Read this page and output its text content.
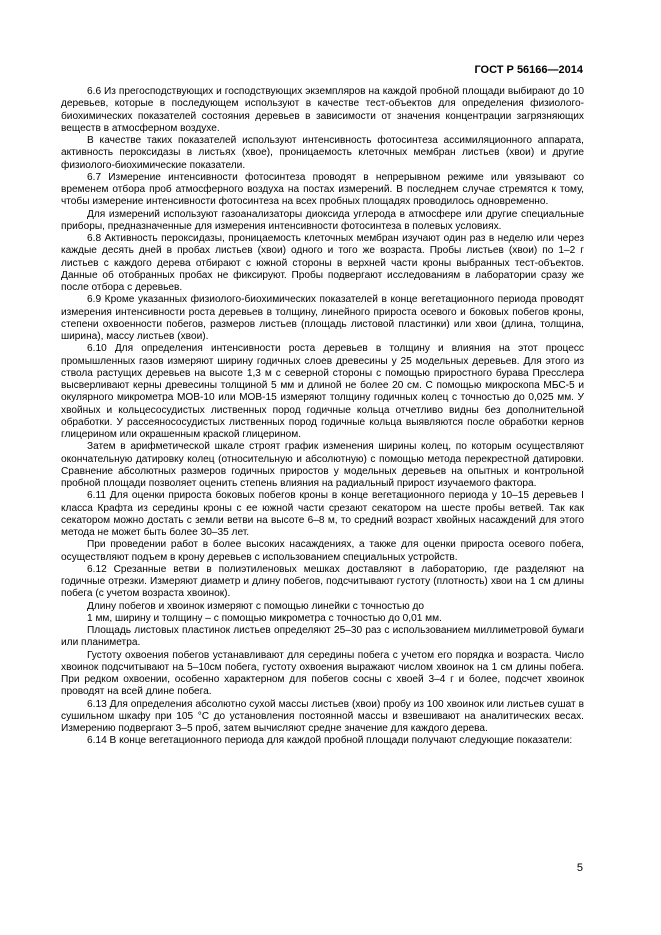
ГОСТ Р 56166—2014

6.6 Из прегосподствующих и господствующих экземпляров на каждой пробной площади выбирают до 10 деревьев, которые в последующем используют в качестве тест-объектов для определения физиолого- биохимических показателей состояния деревьев в зависимости от значения концентрации загрязняющих веществ в атмосферном воздухе.

В качестве таких показателей используют интенсивность фотосинтеза ассимиляционного аппарата, активность пероксидазы в листьях (хвое), проницаемость клеточных мембран листьев (хвои) и другие физиолого-биохимические показатели.

6.7 Измерение интенсивности фотосинтеза проводят в непрерывном режиме или увязывают со временем отбора проб атмосферного воздуха на постах измерений. В последнем случае стремятся к тому, чтобы измерение интенсивности фотосинтеза на всех пробных площадях проводилось одновременно.

Для измерений используют газоанализаторы диоксида углерода в атмосфере или другие специальные приборы, предназначенные для измерения интенсивности фотосинтеза в полевых условиях.

6.8 Активность пероксидазы, проницаемость клеточных мембран изучают один раз в неделю или через каждые десять дней в пробах листьев (хвои) одного и того же возраста. Пробы листьев (хвои) по 1–2 г листьев с каждого дерева отбирают с южной стороны в верхней части кроны выбранных тест-объектов. Данные об отобранных пробах не фиксируют. Пробы подвергают исследованиям в лаборатории сразу же после отбора с деревьев.

6.9 Кроме указанных физиолого-биохимических показателей в конце вегетационного периода проводят измерения интенсивности роста деревьев в толщину, линейного прироста осевого и боковых побегов кроны, степени охвоенности побегов, размеров листьев (площадь листовой пластинки) или хвои (длина, толщина, ширина), массу листьев (хвои).

6.10 Для определения интенсивности роста деревьев в толщину и влияния на этот процесс промышленных газов измеряют ширину годичных слоев древесины у 25 модельных деревьев. Для этого из ствола растущих деревьев на высоте 1,3 м с северной стороны с помощью приростного бурава Пресслера высверливают керны древесины толщиной 5 мм и длиной не более 20 см. С помощью микроскопа МБС-5 и окулярного микрометра МОВ-10 или МОВ-15 измеряют толщину годичных колец с точностью до 0,025 мм. У хвойных и кольцесосудистых лиственных пород годичные кольца отчетливо видны без дополнительной обработки. У рассеянососудистых лиственных пород годичные кольца выявляются после обработки кернов глицерином или окрашенным краской глицерином.

Затем в арифметической шкале строят график изменения ширины колец, по которым осуществляют окончательную датировку колец (относительную и абсолютную) с помощью метода перекрестной датировки. Сравнение абсолютных размеров годичных приростов у модельных деревьев на опытных и контрольной пробной площади позволяет оценить степень влияния на радиальный прирост изучаемого фактора.

6.11 Для оценки прироста боковых побегов кроны в конце вегетационного периода у 10–15 деревьев I класса Крафта из середины кроны с ее южной части срезают секатором на шесте пробы ветвей. Так как секатором можно достать с земли ветви на высоте 6–8 м, то средний возраст хвойных насаждений для этого метода не может быть более 30–35 лет.

При проведении работ в более высоких насаждениях, а также для оценки прироста осевого побега, осуществляют подъем в крону деревьев с использованием специальных устройств.

6.12 Срезанные ветви в полиэтиленовых мешках доставляют в лабораторию, где разделяют на годичные отрезки. Измеряют диаметр и длину побегов, подсчитывают густоту (плотность) хвои на 1 см длины побега (с учетом возраста хвоинок).

Длину побегов и хвоинок измеряют с помощью линейки с точностью до

1 мм, ширину и толщину – с помощью микрометра с точностью до 0,01 мм.

Площадь листовых пластинок листьев определяют 25–30 раз с использованием миллиметровой бумаги или планиметра.

Густоту охвоения побегов устанавливают для середины побега с учетом его порядка и возраста. Число хвоинок подсчитывают на 5–10см побега, густоту охвоения выражают числом хвоинок на 1 см длины побега. При редком охвоении, особенно характерном для побегов сосны с хвоей 3–4 г и более, подсчет хвоинок проводят на всей длине побега.

6.13 Для определения абсолютно сухой массы листьев (хвои) пробу из 100 хвоинок или листьев сушат в сушильном шкафу при 105 °С до установления постоянной массы и взвешивают на аналитических весах. Измерению подвергают 3–5 проб, затем вычисляют средне значение для каждого дерева.

6.14 В конце вегетационного периода для каждой пробной площади получают следующие показатели:

5
